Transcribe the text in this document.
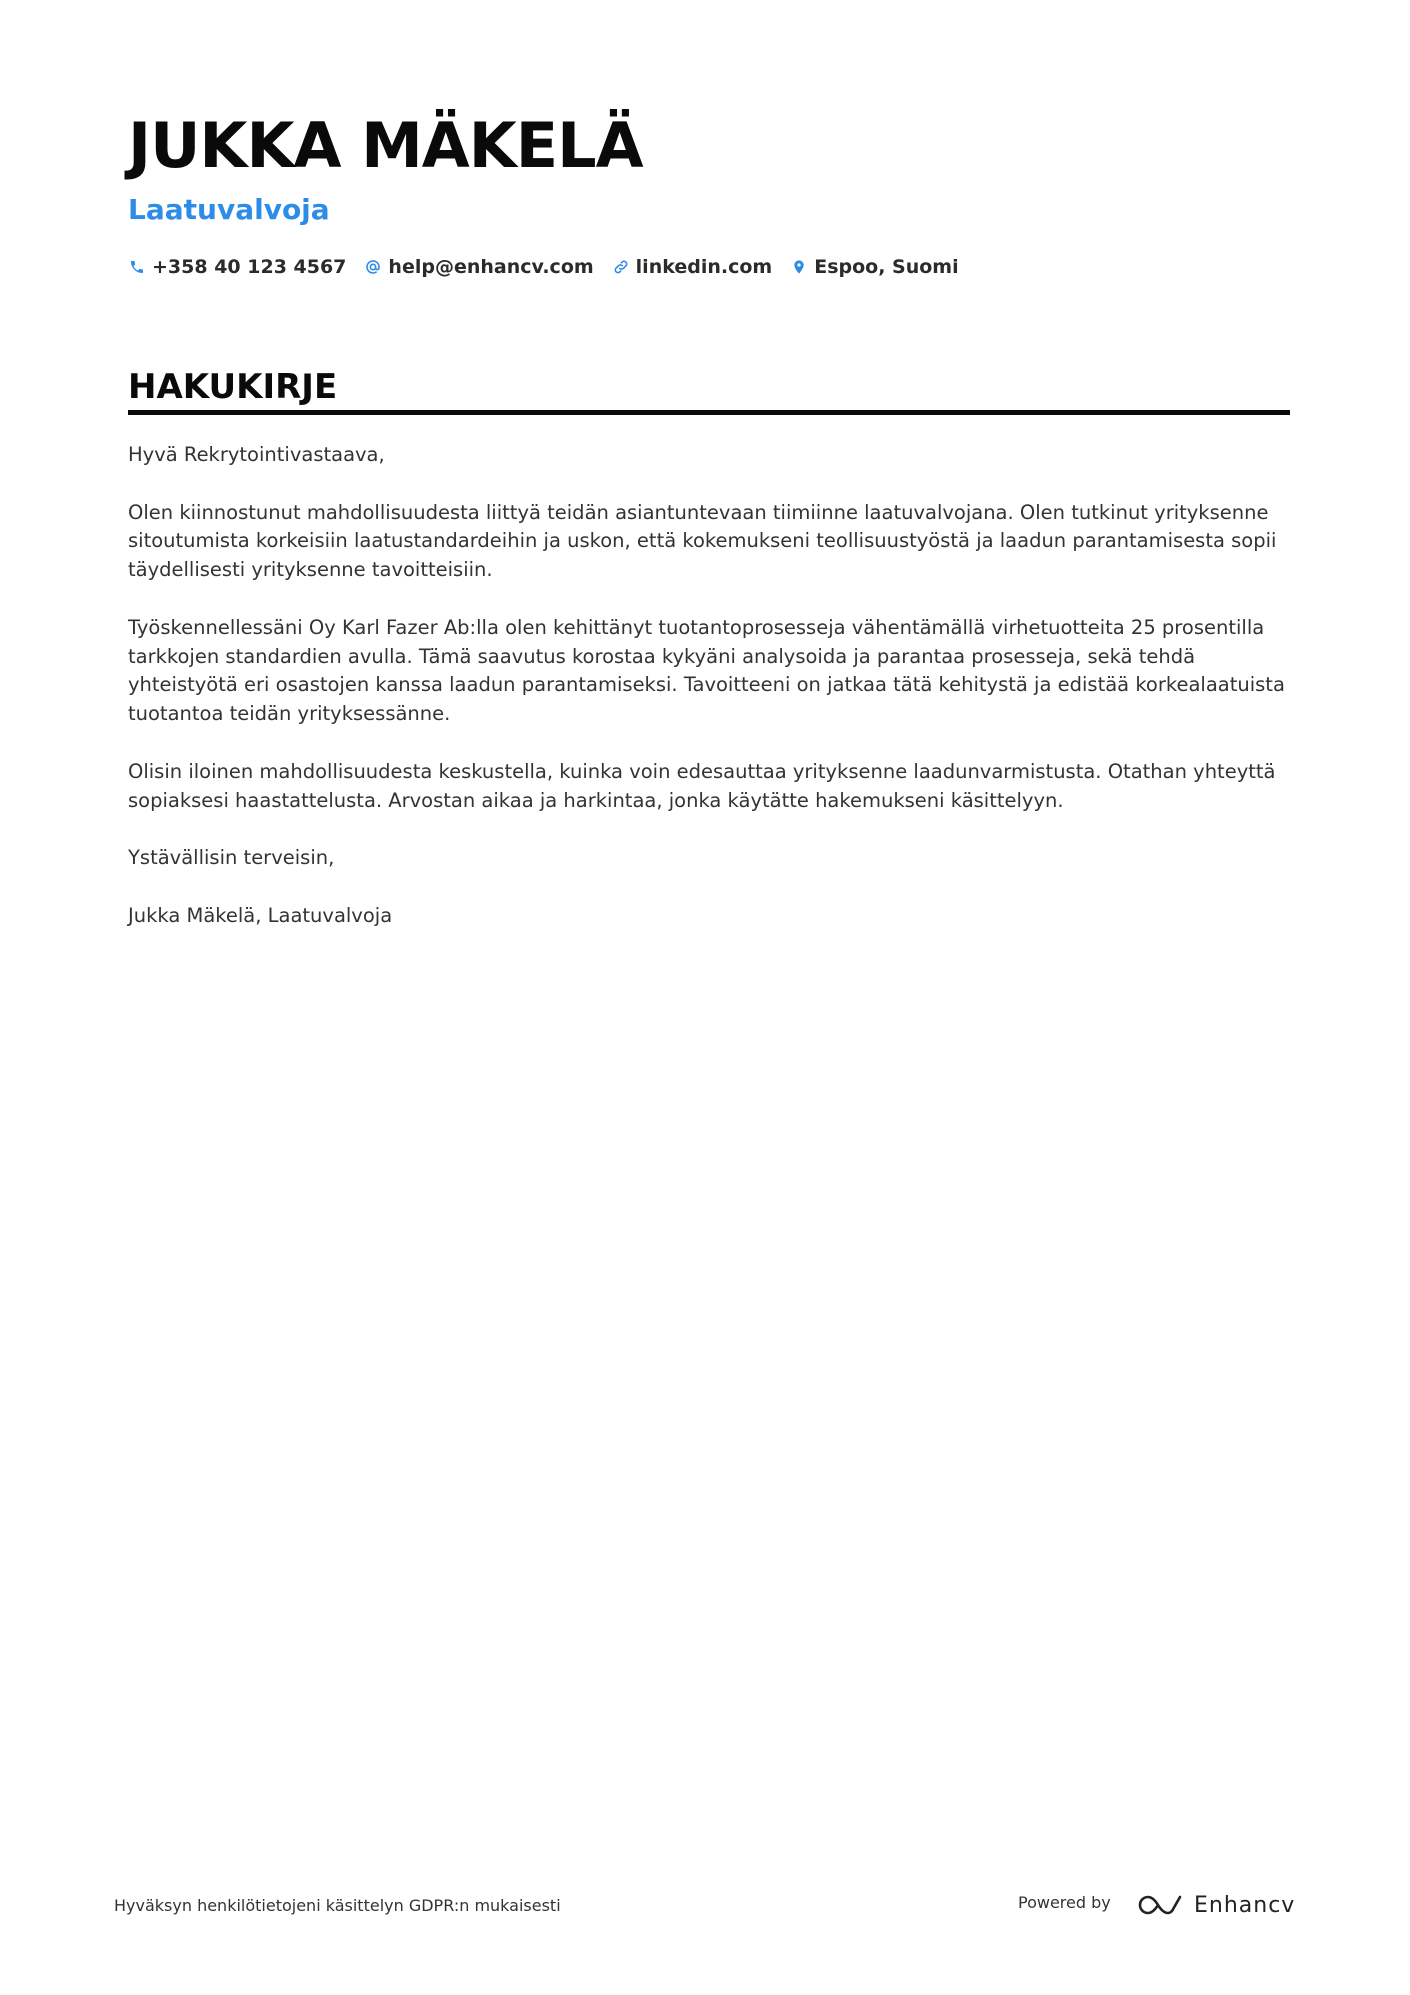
JUKKA MÄKELÄ
Laatuvalvoja
+358 40 123 4567 help@enhancv.com linkedin.com Espoo, Suomi
HAKUKIRJE

Hyvä Rekrytointivastaava,

Olen kiinnostunut mahdollisuudesta liittyä teidän asiantuntevaan tiimiinne laatuvalvojana. Olen tutkinut yrityksenne sitoutumista korkeisiin laatustandardeihin ja uskon, että kokemukseni teollisuustyöstä ja laadun parantamisesta sopii täydellisesti yrityksenne tavoitteisiin.

Työskennellessäni Oy Karl Fazer Ab:lla olen kehittänyt tuotantoprosesseja vähentämällä virhetuotteita 25 prosentilla tarkkojen standardien avulla. Tämä saavutus korostaa kykyäni analysoida ja parantaa prosesseja, sekä tehdä yhteistyötä eri osastojen kanssa laadun parantamiseksi. Tavoitteeni on jatkaa tätä kehitystä ja edistää korkealaatuista tuotantoa teidän yrityksessänne.

Olisin iloinen mahdollisuudesta keskustella, kuinka voin edesauttaa yrityksenne laadunvarmistusta. Otathan yhteyttä sopiaksesi haastattelusta. Arvostan aikaa ja harkintaa, jonka käytätte hakemukseni käsittelyyn.

Ystävällisin terveisin,

Jukka Mäkelä, Laatuvalvoja

Hyväksyn henkilötietojeni käsittelyn GDPR:n mukaisesti	Powered by	Enhancv
